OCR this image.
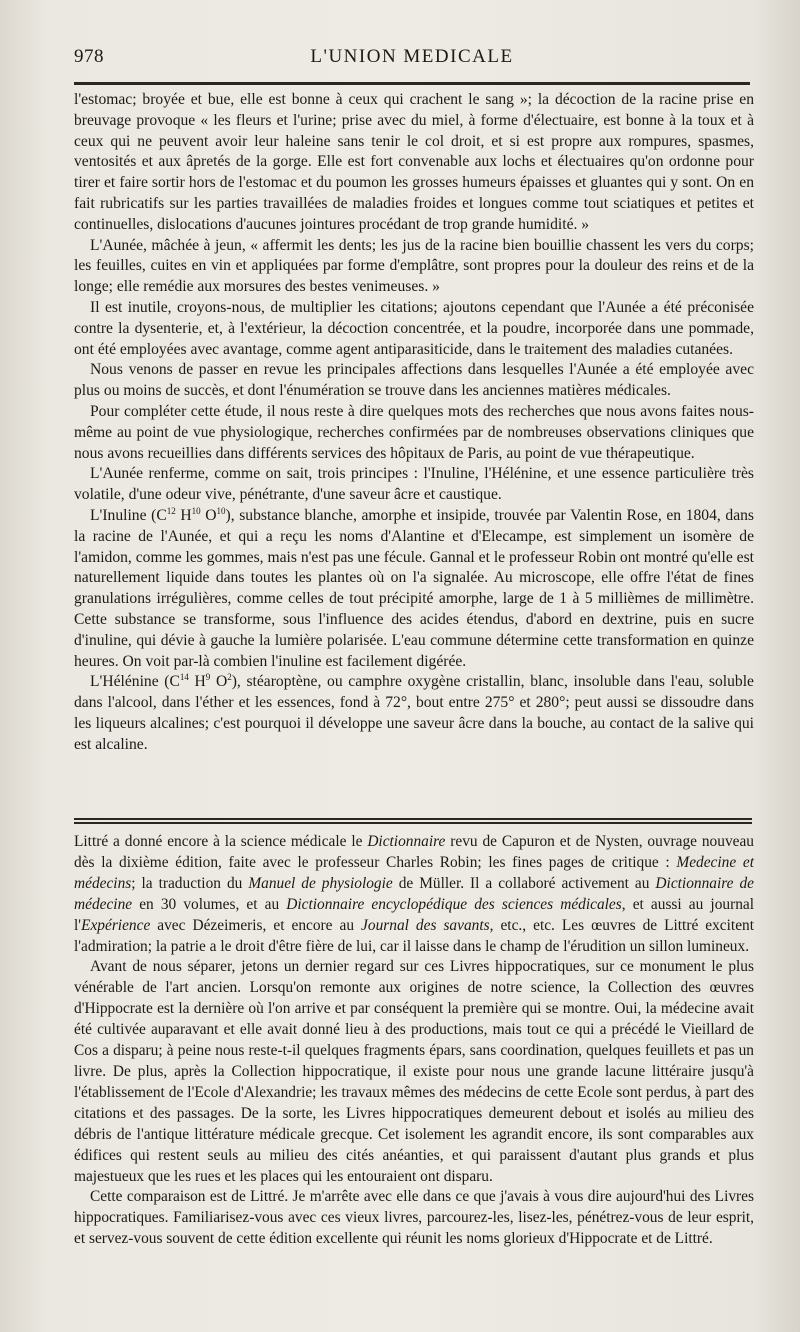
978	L'UNION MEDICALE

l'estomac; broyée et bue, elle est bonne à ceux qui crachent le sang »; la décoction de la racine prise en breuvage provoque « les fleurs et l'urine; prise avec du miel, à forme d'électuaire, est bonne à la toux et à ceux qui ne peuvent avoir leur haleine sans tenir le col droit, et si est propre aux rompures, spasmes, ventosités et aux âpretés de la gorge. Elle est fort convenable aux lochs et électuaires qu'on ordonne pour tirer et faire sortir hors de l'estomac et du poumon les grosses humeurs épaisses et gluantes qui y sont. On en fait rubricatifs sur les parties travaillées de maladies froides et longues comme tout sciatiques et petites et continuelles, dislocations d'aucunes jointures procédant de trop grande humidité. »

L'Aunée, mâchée à jeun, « affermit les dents; les jus de la racine bien bouillie chassent les vers du corps; les feuilles, cuites en vin et appliquées par forme d'emplâtre, sont propres pour la douleur des reins et de la longe; elle remédie aux morsures des bestes venimeuses. »

Il est inutile, croyons-nous, de multiplier les citations; ajoutons cependant que l'Aunée a été préconisée contre la dysenterie, et, à l'extérieur, la décoction concentrée, et la poudre, incorporée dans une pommade, ont été employées avec avantage, comme agent antiparasiticide, dans le traitement des maladies cutanées.

Nous venons de passer en revue les principales affections dans lesquelles l'Aunée a été employée avec plus ou moins de succès, et dont l'énumération se trouve dans les anciennes matières médicales.

Pour compléter cette étude, il nous reste à dire quelques mots des recherches que nous avons faites nous-même au point de vue physiologique, recherches confirmées par de nombreuses observations cliniques que nous avons recueillies dans différents services des hôpitaux de Paris, au point de vue thérapeutique.

L'Aunée renferme, comme on sait, trois principes : l'Inuline, l'Hélénine, et une essence particulière très volatile, d'une odeur vive, pénétrante, d'une saveur âcre et caustique.

L'Inuline ($C^{12}$ $H^{10}$ $O^{10}$), substance blanche, amorphe et insipide, trouvée par Valentin Rose, en 1804, dans la racine de l'Aunée, et qui a reçu les noms d'Alantine et d'Elecampe, est simplement un isomère de l'amidon, comme les gommes, mais n'est pas une fécule. Gannal et le professeur Robin ont montré qu'elle est naturellement liquide dans toutes les plantes où on l'a signalée. Au microscope, elle offre l'état de fines granulations irrégulières, comme celles de tout précipité amorphe, large de 1 à 5 millièmes de millimètre. Cette substance se transforme, sous l'influence des acides étendus, d'abord en dextrine, puis en sucre d'inuline, qui dévie à gauche la lumière polarisée. L'eau commune détermine cette transformation en quinze heures. On voit par-là combien l'inuline est facilement digérée.

L'Hélénine ($C^{14}$ $H^9$ $O^2$), stéaroptène, ou camphre oxygène cristallin, blanc, insoluble dans l'eau, soluble dans l'alcool, dans l'éther et les essences, fond à 72°, bout entre 275° et 280°; peut aussi se dissoudre dans les liqueurs alcalines; c'est pourquoi il développe une saveur âcre dans la bouche, au contact de la salive qui est alcaline.

Littré a donné encore à la science médicale le Dictionnaire revu de Capuron et de Nysten, ouvrage nouveau dès la dixième édition, faite avec le professeur Charles Robin; les fines pages de critique : Medecine et médecins; la traduction du Manuel de physiologie de Müller. Il a collaboré activement au Dictionnaire de médecine en 30 volumes, et au Dictionnaire encyclopédique des sciences médicales, et aussi au journal l'Expérience avec Dézeimeris, et encore au Journal des savants, etc., etc. Les œuvres de Littré excitent l'admiration; la patrie a le droit d'être fière de lui, car il laisse dans le champ de l'érudition un sillon lumineux.

Avant de nous séparer, jetons un dernier regard sur ces Livres hippocratiques, sur ce monument le plus vénérable de l'art ancien. Lorsqu'on remonte aux origines de notre science, la Collection des œuvres d'Hippocrate est la dernière où l'on arrive et par conséquent la première qui se montre. Oui, la médecine avait été cultivée auparavant et elle avait donné lieu à des productions, mais tout ce qui a précédé le Vieillard de Cos a disparu; à peine nous reste-t-il quelques fragments épars, sans coordination, quelques feuillets et pas un livre. De plus, après la Collection hippocratique, il existe pour nous une grande lacune littéraire jusqu'à l'établissement de l'Ecole d'Alexandrie; les travaux mêmes des médecins de cette Ecole sont perdus, à part des citations et des passages. De la sorte, les Livres hippocratiques demeurent debout et isolés au milieu des débris de l'antique littérature médicale grecque. Cet isolement les agrandit encore, ils sont comparables aux édifices qui restent seuls au milieu des cités anéanties, et qui paraissent d'autant plus grands et plus majestueux que les rues et les places qui les entouraient ont disparu.

Cette comparaison est de Littré. Je m'arrête avec elle dans ce que j'avais à vous dire aujourd'hui des Livres hippocratiques. Familiarisez-vous avec ces vieux livres, parcourez-les, lisez-les, pénétrez-vous de leur esprit, et servez-vous souvent de cette édition excellente qui réunit les noms glorieux d'Hippocrate et de Littré.
